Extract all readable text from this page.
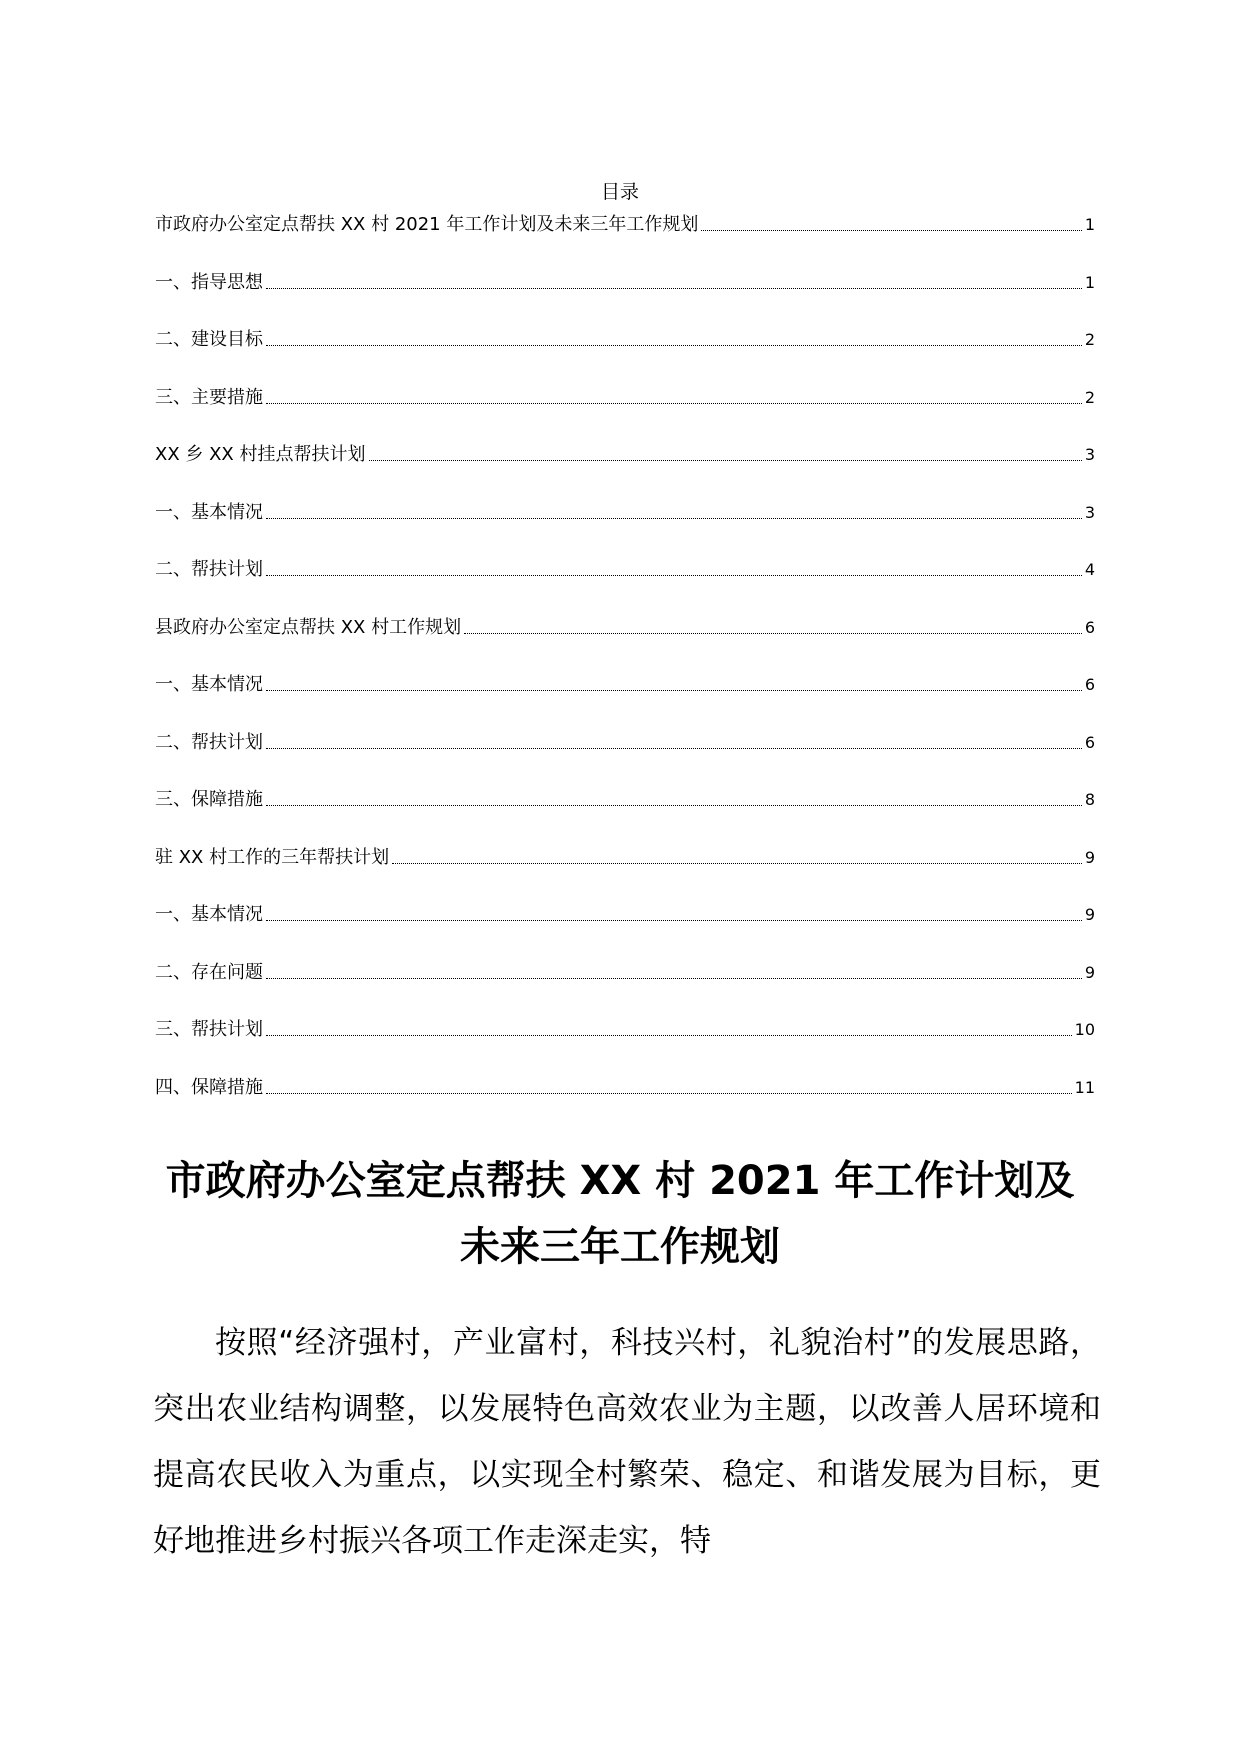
目录
市政府办公室定点帮扶 XX 村 2021 年工作计划及未来三年工作规划	1
一、指导思想	1
二、建设目标	2
三、主要措施	2
XX 乡 XX 村挂点帮扶计划	3
一、基本情况	3
二、帮扶计划	4
县政府办公室定点帮扶 XX 村工作规划	6
一、基本情况	6
二、帮扶计划	6
三、保障措施	8
驻 XX 村工作的三年帮扶计划	9
一、基本情况	9
二、存在问题	9
三、帮扶计划	10
四、保障措施	11
市政府办公室定点帮扶 XX 村 2021 年工作计划及未来三年工作规划

按照“经济强村，产业富村，科技兴村，礼貌治村”的发展思路，突出农业结构调整，以发展特色高效农业为主题，以改善人居环境和提高农民收入为重点，以实现全村繁荣、稳定、和谐发展为目标，更好地推进乡村振兴各项工作走深走实，特
